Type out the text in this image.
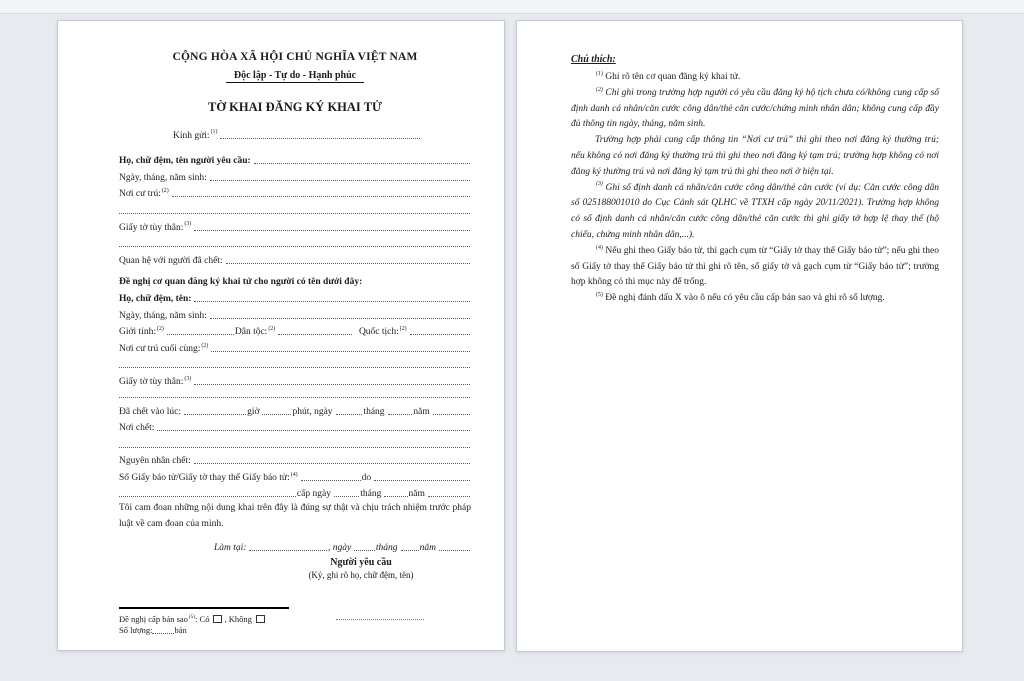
CỘNG HÒA XÃ HỘI CHỦ NGHĨA VIỆT NAM
Độc lập - Tự do - Hạnh phúc
TỜ KHAI ĐĂNG KÝ KHAI TỬ
Kính gửi:$^{(1)}$
Họ, chữ đệm, tên người yêu cầu:
Ngày, tháng, năm sinh:
Nơi cư trú:$^{(2)}$
Giấy tờ tùy thân:$^{(3)}$
Quan hệ với người đã chết:
Đề nghị cơ quan đăng ký khai tử cho người có tên dưới đây:
Họ, chữ đệm, tên:
Ngày, tháng, năm sinh:
Giới tính:$^{(2)}$	Dân tộc:$^{(2)}$	Quốc tịch:$^{(2)}$
Nơi cư trú cuối cùng:$^{(2)}$
Giấy tờ tùy thân:$^{(3)}$
Đã chết vào lúc:	giờ	phút, ngày	tháng	năm
Nơi chết:
Nguyên nhân chết:
Số Giấy báo tử/Giấy tờ thay thế Giấy báo tử:$^{(4)}$	do
cấp ngày	tháng	năm

Tôi cam đoan những nội dung khai trên đây là đúng sự thật và chịu trách nhiệm trước pháp luật về cam đoan của mình.

Làm tại:	, ngày	tháng năm
Người yêu cầu
(Ký, ghi rõ họ, chữ đệm, tên)
Đề nghị cấp bản sao$^{(5)}$: Có , Không
Số lượng:	bản
Chú thích:

$^{(1)}$ Ghi rõ tên cơ quan đăng ký khai tử.

$^{(2)}$ Chỉ ghi trong trường hợp người có yêu cầu đăng ký hộ tịch chưa có/không cung cấp số định danh cá nhân/căn cước công dân/thẻ căn cước/chứng minh nhân dân; không cung cấp đầy đủ thông tin ngày, tháng, năm sinh.

Trường hợp phải cung cấp thông tin “Nơi cư trú” thì ghi theo nơi đăng ký thường trú; nếu không có nơi đăng ký thường trú thì ghi theo nơi đăng ký tạm trú; trường hợp không có nơi đăng ký thường trú và nơi đăng ký tạm trú thì ghi theo nơi ở hiện tại.

$^{(3)}$ Ghi số định danh cá nhân/căn cước công dân/thẻ căn cước (ví dụ: Căn cước công dân số 025188001010 do Cục Cảnh sát QLHC về TTXH cấp ngày 20/11/2021). Trường hợp không có số định danh cá nhân/căn cước công dân/thẻ căn cước thì ghi giấy tờ hợp lệ thay thế (hộ chiếu, chứng minh nhân dân,...).

$^{(4)}$ Nếu ghi theo Giấy báo tử, thì gạch cụm từ “Giấy tờ thay thế Giấy báo tử”; nếu ghi theo số Giấy tờ thay thế Giấy báo tử thì ghi rõ tên, số giấy tờ và gạch cụm từ “Giấy báo tử”; trường hợp không có thì mục này để trống.

$^{(5)}$ Đề nghị đánh dấu X vào ô nếu có yêu cầu cấp bản sao và ghi rõ số lượng.
